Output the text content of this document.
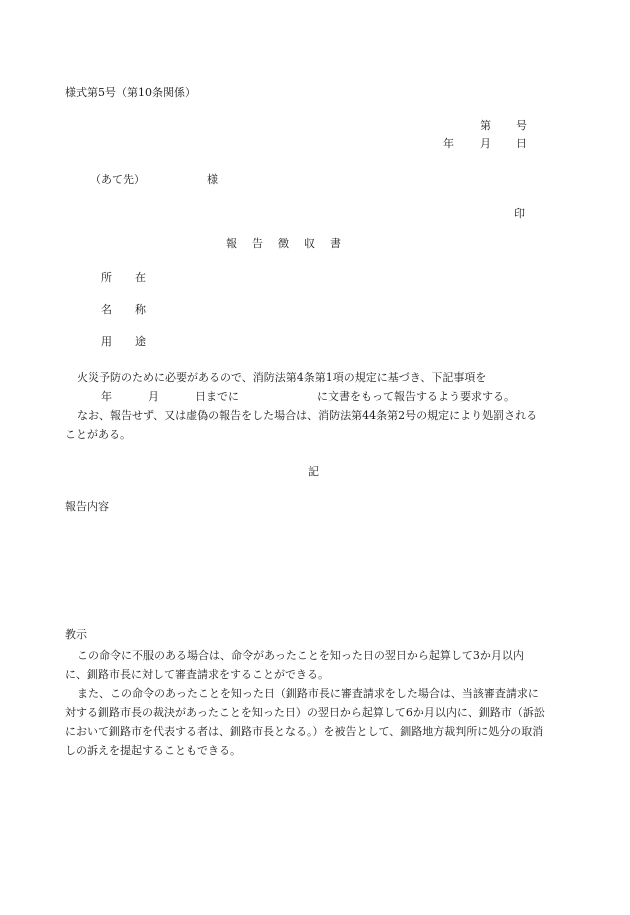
様式第5号（第10条関係）
第 号
年 月 日
（あて先）	様
印
報　告　徴　収　書
所　在
名　称
用　途
火災予防のために必要があるので、消防法第4条第1項の規定に基づき、下記事項を
年	月	日までに	に文書をもって報告するよう要求する。
なお、報告せず、又は虚偽の報告をした場合は、消防法第44条第2号の規定により処罰されることがある。
記
報告内容
教示
この命令に不服のある場合は、命令があったことを知った日の翌日から起算して3か月以内に、釧路市長に対して審査請求をすることができる。
また、この命令のあったことを知った日（釧路市長に審査請求をした場合は、当該審査請求に対する釧路市長の裁決があったことを知った日）の翌日から起算して6か月以内に、釧路市（訴訟において釧路市を代表する者は、釧路市長となる。）を被告として、釧路地方裁判所に処分の取消しの訴えを提起することもできる。
